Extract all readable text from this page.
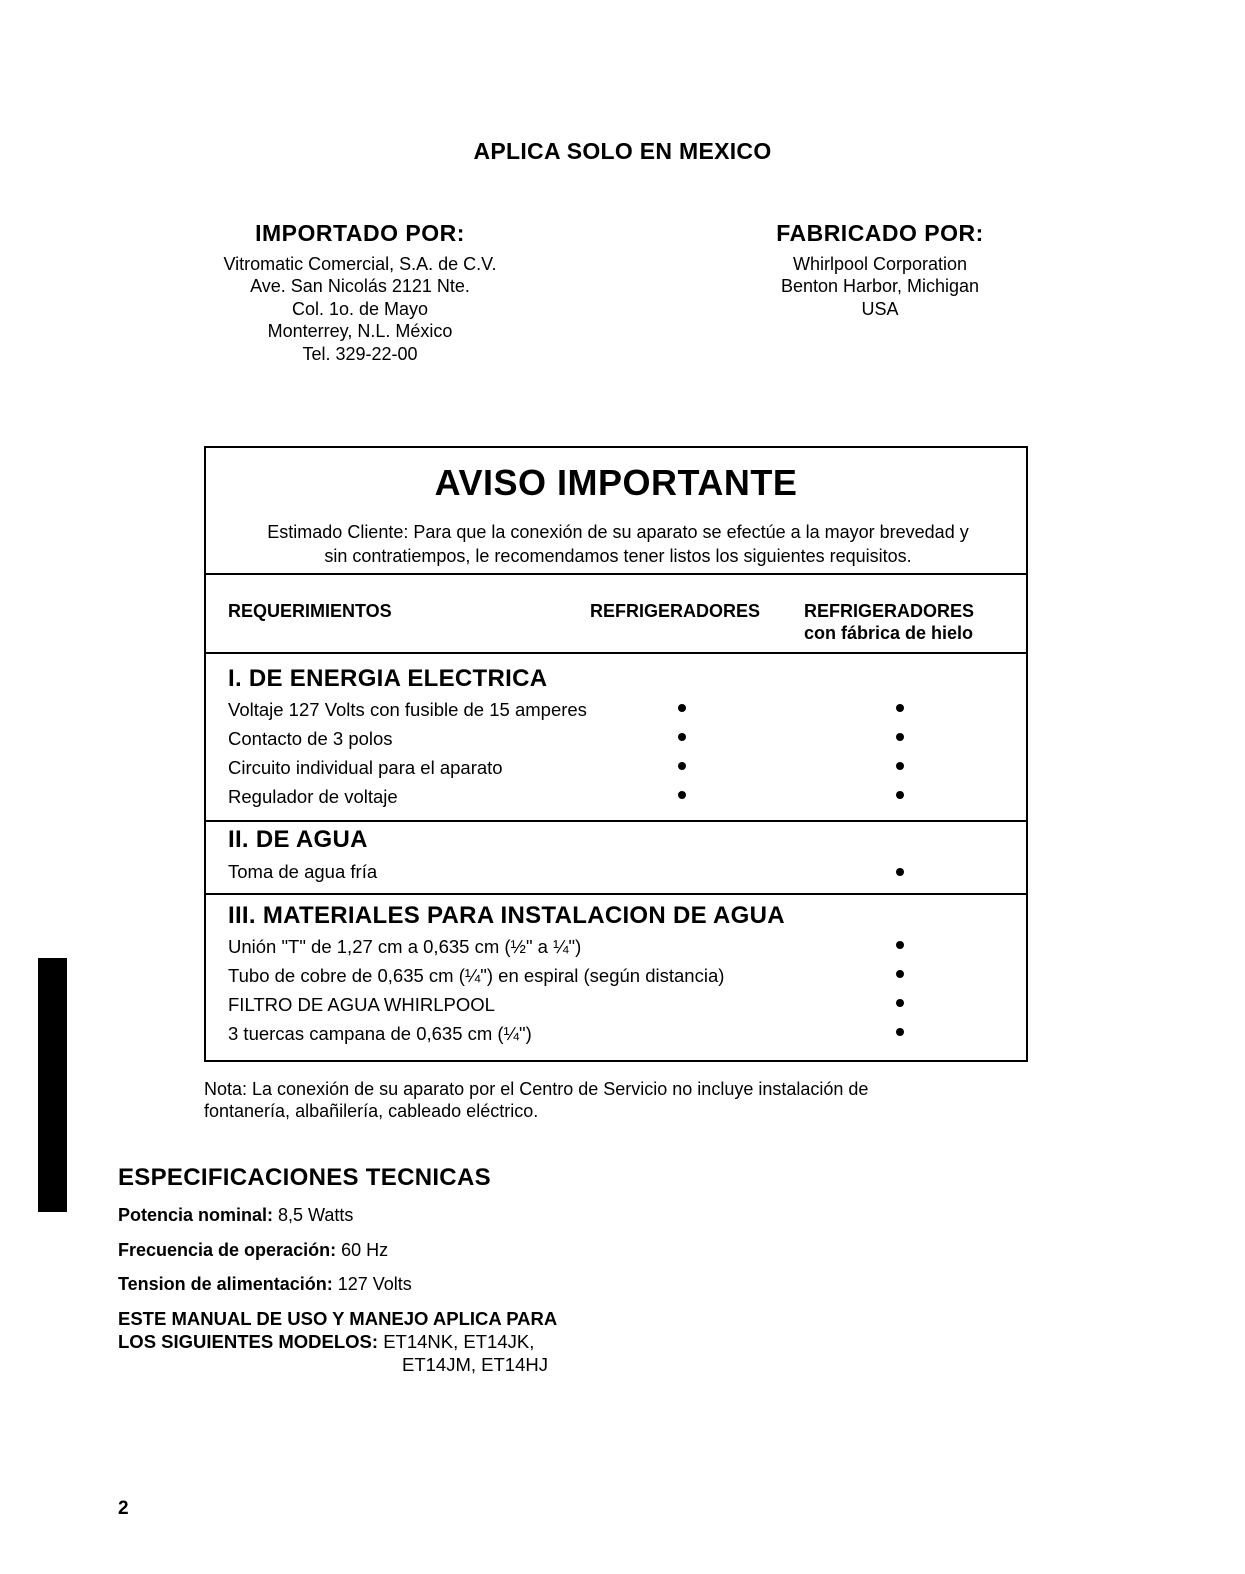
APLICA SOLO EN MEXICO
IMPORTADO POR:
Vitromatic Comercial, S.A. de C.V.
Ave. San Nicolás 2121 Nte.
Col. 1o. de Mayo
Monterrey, N.L. México
Tel. 329-22-00
FABRICADO POR:
Whirlpool Corporation
Benton Harbor, Michigan
USA
AVISO IMPORTANTE
Estimado Cliente: Para que la conexión de su aparato se efectúe a la mayor brevedad y
sin contratiempos, le recomendamos tener listos los siguientes requisitos.
REQUERIMIENTOS	REFRIGERADORES REFRIGERADORES
con fábrica de hielo
I. DE ENERGIA ELECTRICA
Voltaje 127 Volts con fusible de 15 amperes
Contacto de 3 polos
Circuito individual para el aparato
Regulador de voltaje
II. DE AGUA
Toma de agua fría
III. MATERIALES PARA INSTALACION DE AGUA
Unión "T" de 1,27 cm a 0,635 cm (½" a ¼")
Tubo de cobre de 0,635 cm (¼") en espiral (según distancia)
FILTRO DE AGUA WHIRLPOOL
3 tuercas campana de 0,635 cm (¼")
Nota: La conexión de su aparato por el Centro de Servicio no incluye instalación de
fontanería, albañilería, cableado eléctrico.
ESPECIFICACIONES TECNICAS
Potencia nominal: 8,5 Watts
Frecuencia de operación: 60 Hz
Tension de alimentación: 127 Volts
ESTE MANUAL DE USO Y MANEJO APLICA PARA
LOS SIGUIENTES MODELOS: ET14NK, ET14JK,
ET14JM, ET14HJ
2
